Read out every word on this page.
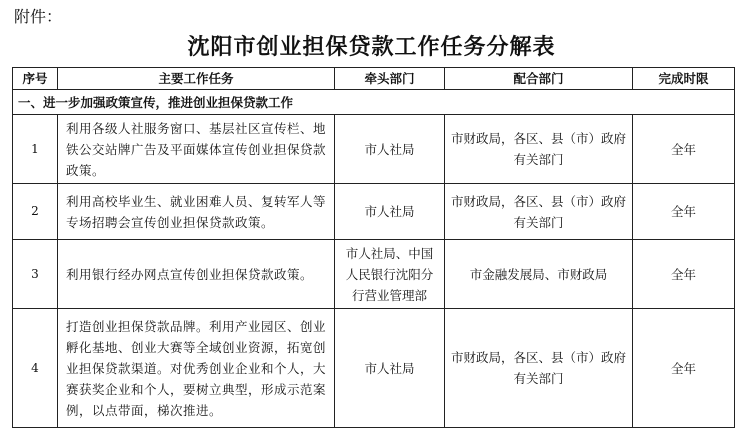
附件：
沈阳市创业担保贷款工作任务分解表
序号	主要工作任务	牵头部门	配合部门	完成时限
一、进一步加强政策宣传，推进创业担保贷款工作				
1	利用各级人社服务窗口、基层社区宣传栏、地铁公交站牌广告及平面媒体宣传创业担保贷款政策。	市人社局	市财政局，各区、县（市）政府有关部门	全年
2	利用高校毕业生、就业困难人员、复转军人等专场招聘会宣传创业担保贷款政策。	市人社局	市财政局，各区、县（市）政府有关部门	全年
3	利用银行经办网点宣传创业担保贷款政策。	市人社局、中国人民银行沈阳分行营业管理部	市金融发展局、市财政局	全年
4	打造创业担保贷款品牌。利用产业园区、创业孵化基地、创业大赛等全域创业资源，拓宽创业担保贷款渠道。对优秀创业企业和个人，大赛获奖企业和个人，要树立典型，形成示范案例，以点带面，梯次推进。	市人社局	市财政局，各区、县（市）政府有关部门	全年
